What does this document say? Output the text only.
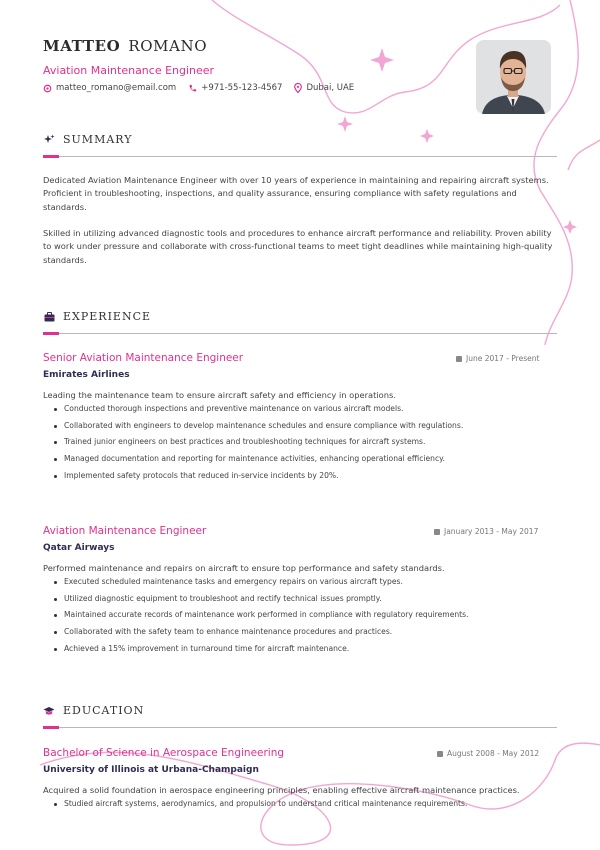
MATTEO ROMANO
Aviation Maintenance Engineer
matteo_romano@email.com	+971-55-123-4567	Dubai, UAE
SUMMARY

Dedicated Aviation Maintenance Engineer with over 10 years of experience in maintaining and repairing aircraft systems. Proficient in troubleshooting, inspections, and quality assurance, ensuring compliance with safety regulations and standards.

Skilled in utilizing advanced diagnostic tools and procedures to enhance aircraft performance and reliability. Proven ability to work under pressure and collaborate with cross-functional teams to meet tight deadlines while maintaining high-quality standards.

EXPERIENCE
Senior Aviation Maintenance Engineer	June 2017 - Present
Emirates Airlines
Leading the maintenance team to ensure aircraft safety and efficiency in operations.
Conducted thorough inspections and preventive maintenance on various aircraft models.
Collaborated with engineers to develop maintenance schedules and ensure compliance with regulations.
Trained junior engineers on best practices and troubleshooting techniques for aircraft systems.
Managed documentation and reporting for maintenance activities, enhancing operational efficiency.
Implemented safety protocols that reduced in-service incidents by 20%.
Aviation Maintenance Engineer	January 2013 - May 2017
Qatar Airways
Performed maintenance and repairs on aircraft to ensure top performance and safety standards.
Executed scheduled maintenance tasks and emergency repairs on various aircraft types.
Utilized diagnostic equipment to troubleshoot and rectify technical issues promptly.
Maintained accurate records of maintenance work performed in compliance with regulatory requirements.
Collaborated with the safety team to enhance maintenance procedures and practices.
Achieved a 15% improvement in turnaround time for aircraft maintenance.
EDUCATION
Bachelor of Science in Aerospace Engineering	August 2008 - May 2012
University of Illinois at Urbana-Champaign
Acquired a solid foundation in aerospace engineering principles, enabling effective aircraft maintenance practices.
Studied aircraft systems, aerodynamics, and propulsion to understand critical maintenance requirements.
